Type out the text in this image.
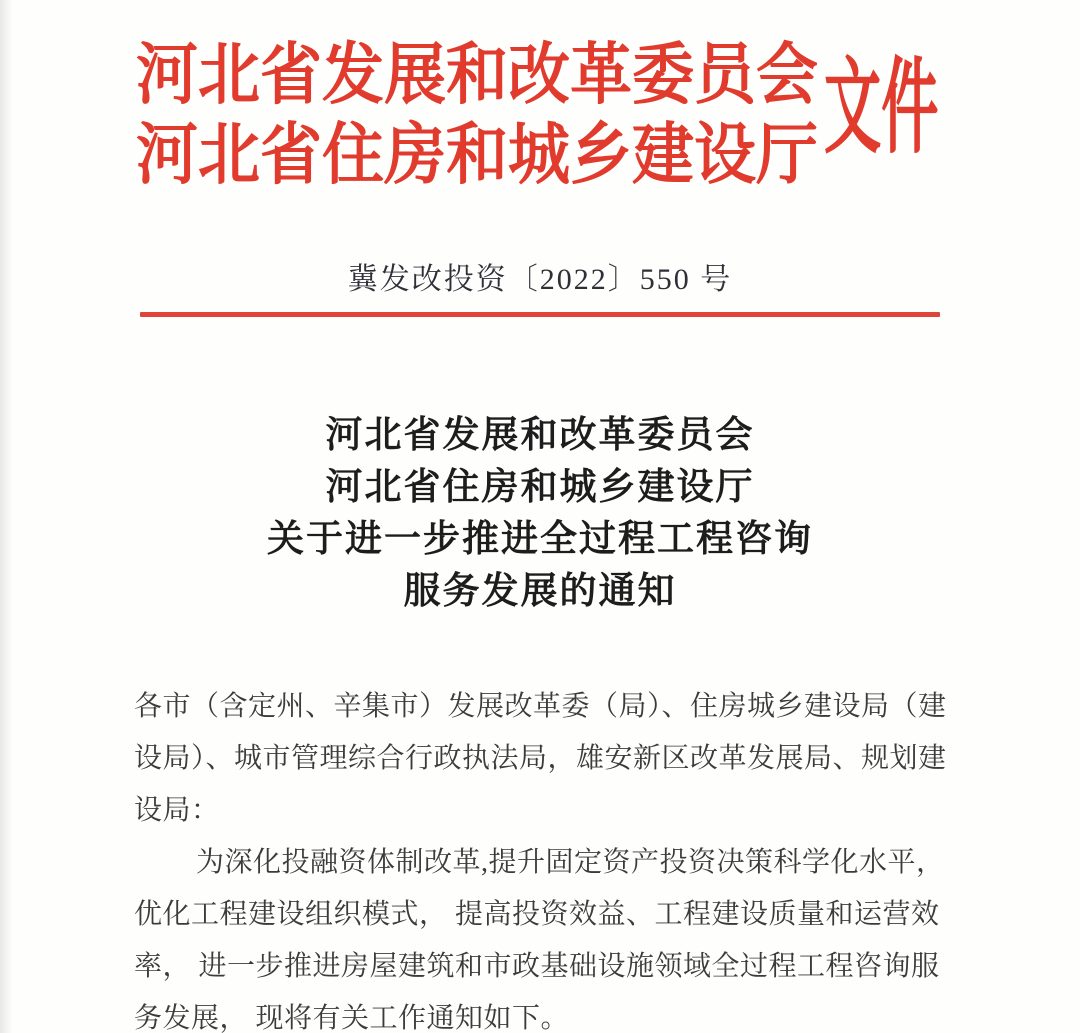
河北省发展和改革委员会
河北省住房和城乡建设厅 文件
冀发改投资〔2022〕550 号
河北省发展和改革委员会
河北省住房和城乡建设厅
关于进一步推进全过程工程咨询
服务发展的通知
各市（含定州、辛集市）发展改革委（局）、住房城乡建设局（建
设局）、城市管理综合行政执法局，雄安新区改革发展局、规划建
设局：
为深化投融资体制改革,提升固定资产投资决策科学化水平，
优化工程建设组织模式， 提高投资效益、工程建设质量和运营效
率， 进一步推进房屋建筑和市政基础设施领域全过程工程咨询服
务发展， 现将有关工作通知如下。
